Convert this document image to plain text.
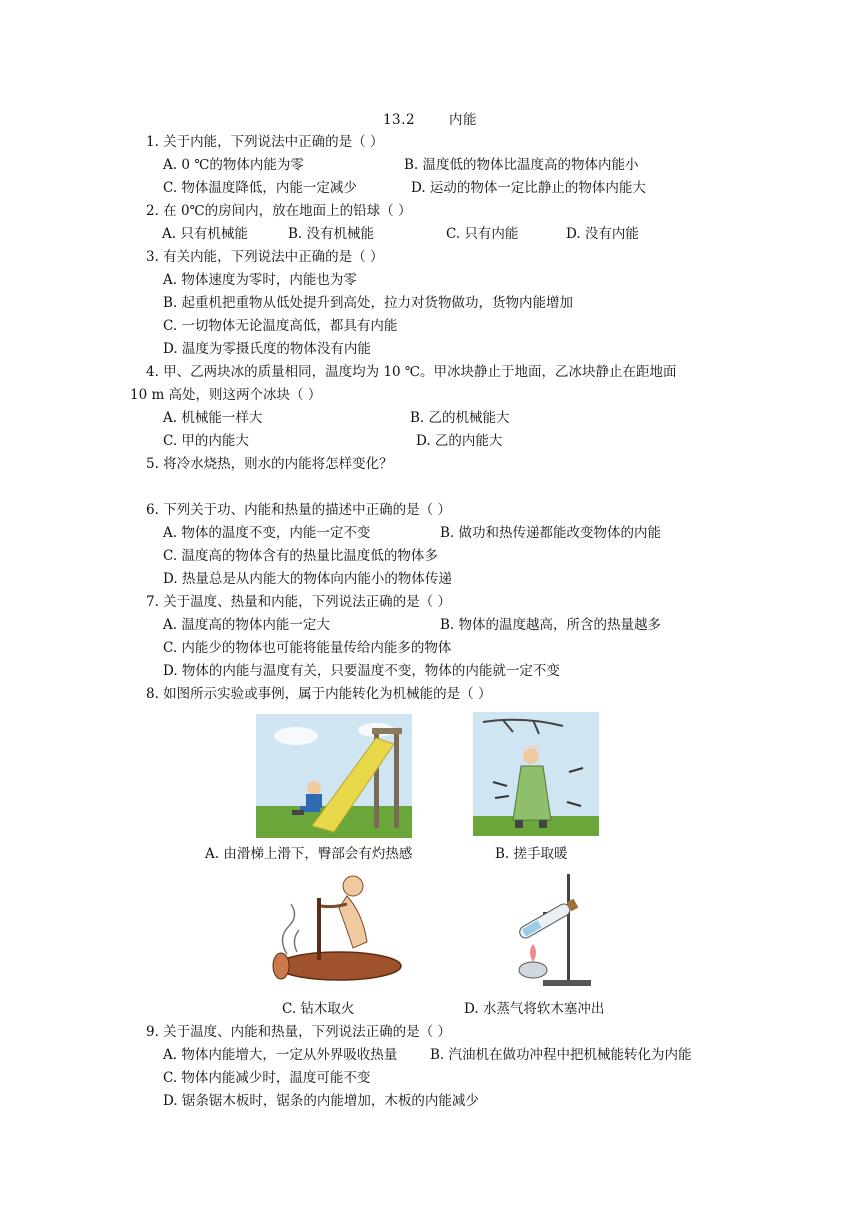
13.2	内能
1. 关于内能，下列说法中正确的是（ ）
A. 0 ℃的物体内能为零	B. 温度低的物体比温度高的物体内能小
C. 物体温度降低，内能一定减少	D. 运动的物体一定比静止的物体内能大
2. 在 0℃的房间内，放在地面上的铅球（ ）
A. 只有机械能	B. 没有机械能	C. 只有内能	D. 没有内能
3. 有关内能，下列说法中正确的是（ ）
A. 物体速度为零时，内能也为零
B. 起重机把重物从低处提升到高处，拉力对货物做功，货物内能增加
C. 一切物体无论温度高低，都具有内能
D. 温度为零摄氏度的物体没有内能
4. 甲、乙两块冰的质量相同，温度均为 10 ℃。甲冰块静止于地面，乙冰块静止在距地面
10 m 高处，则这两个冰块（ ）
A. 机械能一样大	B. 乙的机械能大
C. 甲的内能大	D. 乙的内能大
5. 将冷水烧热，则水的内能将怎样变化？
6. 下列关于功、内能和热量的描述中正确的是（ ）
A. 物体的温度不变，内能一定不变	B. 做功和热传递都能改变物体的内能
C. 温度高的物体含有的热量比温度低的物体多
D. 热量总是从内能大的物体向内能小的物体传递
7. 关于温度、热量和内能，下列说法正确的是（ ）
A. 温度高的物体内能一定大	B. 物体的温度越高，所含的热量越多
C. 内能少的物体也可能将能量传给内能多的物体
D. 物体的内能与温度有关，只要温度不变，物体的内能就一定不变
8. 如图所示实验或事例，属于内能转化为机械能的是（ ）
A. 由滑梯上滑下，臀部会有灼热感	B. 搓手取暖
C. 钻木取火	D. 水蒸气将软木塞冲出
9. 关于温度、内能和热量，下列说法正确的是（ ）
A. 物体内能增大，一定从外界吸收热量 B. 汽油机在做功冲程中把机械能转化为内能
C. 物体内能减少时，温度可能不变
D. 锯条锯木板时，锯条的内能增加，木板的内能减少
